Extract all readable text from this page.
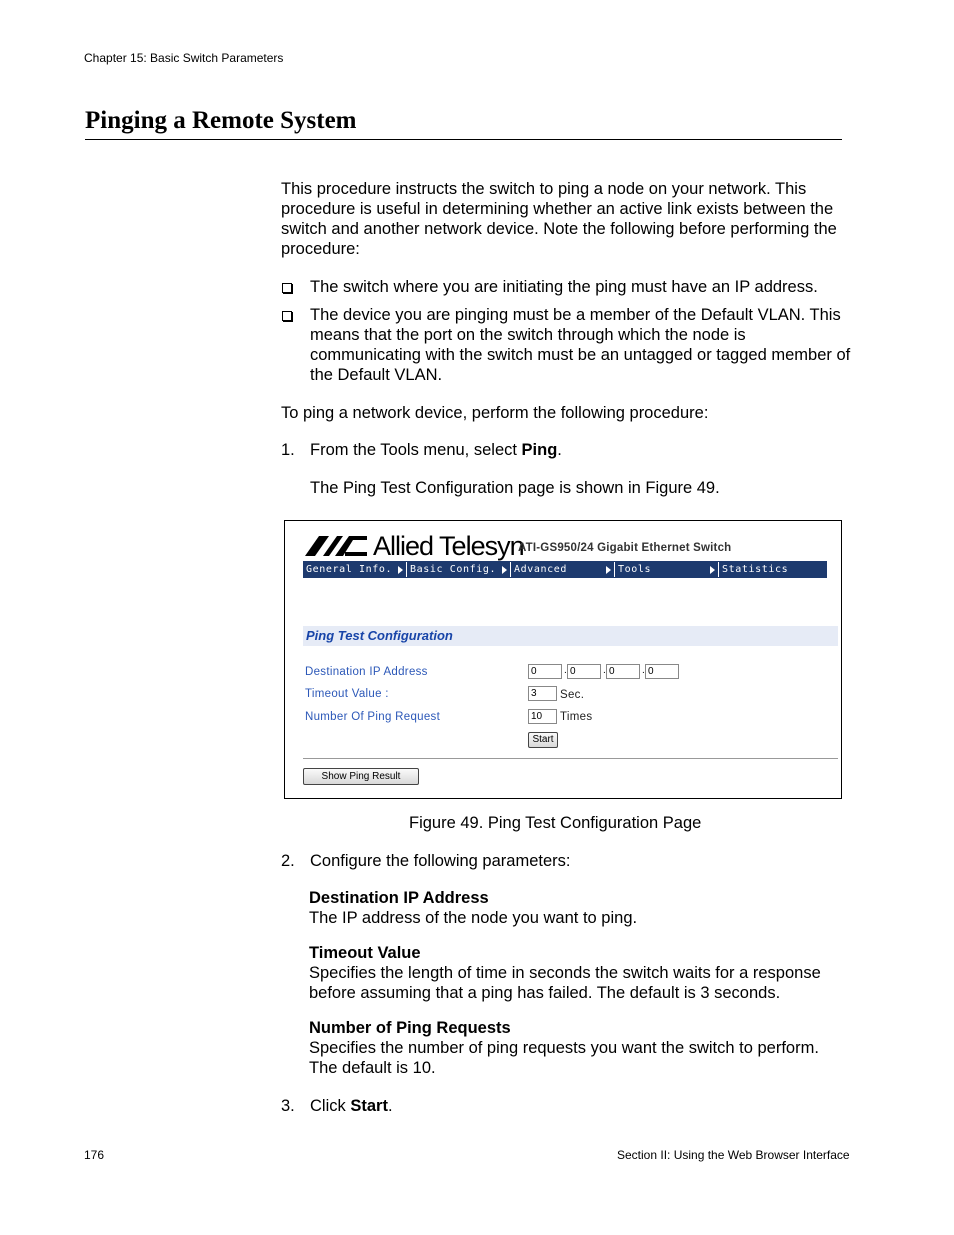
Chapter 15: Basic Switch Parameters
Pinging a Remote System
This procedure instructs the switch to ping a node on your network. This procedure is useful in determining whether an active link exists between the switch and another network device. Note the following before performing the procedure:
The switch where you are initiating the ping must have an IP address.
The device you are pinging must be a member of the Default VLAN. This means that the port on the switch through which the node is communicating with the switch must be an untagged or tagged member of the Default VLAN.
To ping a network device, perform the following procedure:
1. From the Tools menu, select Ping.
The Ping Test Configuration page is shown in Figure 49.
Allied Telesyn
ATI-GS950/24 Gigabit Ethernet Switch
General Info.	Basic Config.	Advanced Config.
Tools	Statistics
Ping Test Configuration
Destination IP Address
0	.
0	.
0	.
0
Timeout Value :
3	Sec.
Number Of Ping Request
10	Times
Start
Show Ping Result
Figure 49. Ping Test Configuration Page
2. Configure the following parameters:
Destination IP Address
The IP address of the node you want to ping.
Timeout Value
Specifies the length of time in seconds the switch waits for a response before assuming that a ping has failed. The default is 3 seconds.
Number of Ping Requests
Specifies the number of ping requests you want the switch to perform. The default is 10.
3. Click Start.
176	Section II: Using the Web Browser Interface
